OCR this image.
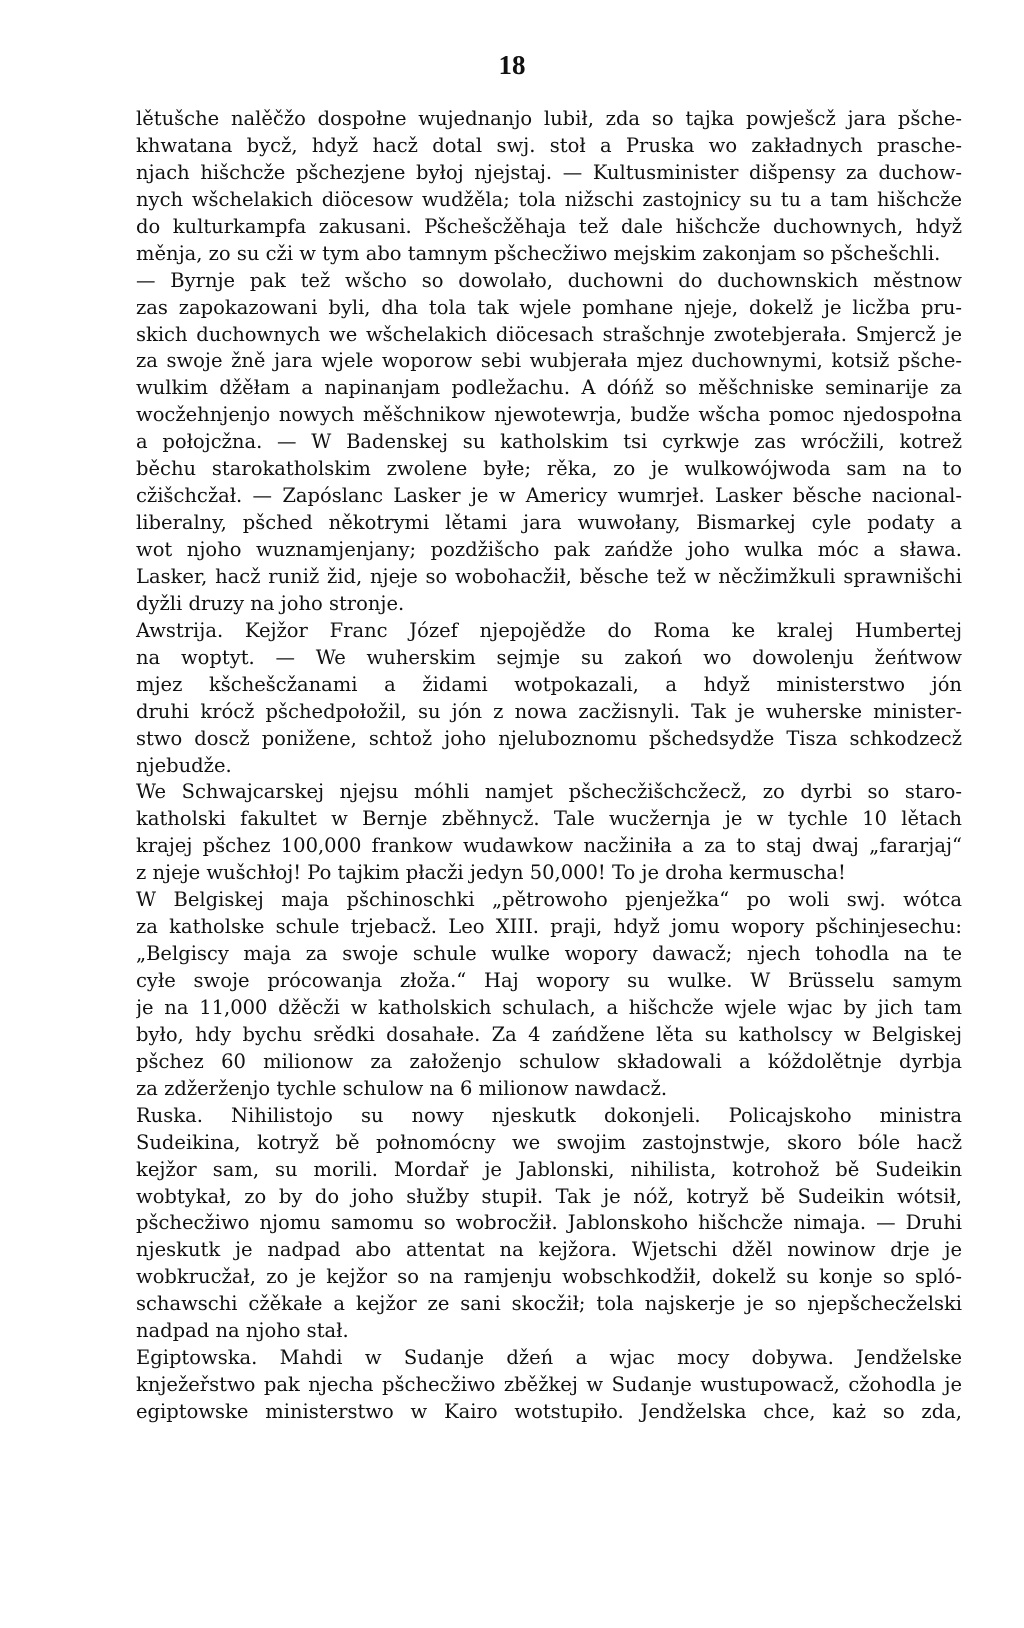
18
lětušche nalěčžo dospołne wujednanjo lubił, zda so tajka powješcž jara pšche-
khwatana bycž, hdyž hacž dotal swj. stoł a Pruska wo zakładnych prasche-
njach hišchcže pšchezjene byłoj njejstaj. — Kultusminister dišpensy za duchow-
nych wšchelakich diöcesow wudžěla; tola nižschi zastojnicy su tu a tam hišchcže
do kulturkampfa zakusani. Pšchešcžěhaja tež dale hišchcže duchownych, hdyž
měnja, zo su cži w tym abo tamnym pšchecžiwo mejskim zakonjam so pšchešchli.
— Byrnje pak tež wšcho so dowolało, duchowni do duchownskich městnow
zas zapokazowani byli, dha tola tak wjele pomhane njeje, dokelž je licžba pru-
skich duchownych we wšchelakich diöcesach strašchnje zwotebjerała. Smjercž je
za swoje žně jara wjele woporow sebi wubjerała mjez duchownymi, kotsiž pšche-
wulkim džěłam a napinanjam podležachu. A dóńž so měšchniske seminarije za
wocžehnjenjo nowych měšchnikow njewotewrja, budže wšcha pomoc njedospołna
a połojcžna. — W Badenskej su katholskim tsi cyrkwje zas wrócžili, kotrež
běchu starokatholskim zwolene byłe; rěka, zo je wulkowójwoda sam na to
cžišchcžał. — Zapóslanc Lasker je w Americy wumrjeł. Lasker běsche nacional-
liberalny, pšched někotrymi lětami jara wuwołany, Bismarkej cyle podaty a
wot njoho wuznamjenjany; pozdžišcho pak zańdže joho wulka móc a sława.
Lasker, hacž runiž žid, njeje so wobohacžił, běsche tež w něcžimžkuli sprawnišchi
dyžli druzy na joho stronje.
Awstrija. Kejžor Franc Józef njepojědže do Roma ke kralej Humbertej
na woptyt. — We wuherskim sejmje su zakoń wo dowolenju žeńtwow
mjez kšchešcžanami a židami wotpokazali, a hdyž ministerstwo jón
druhi krócž pšchedpołožil, su jón z nowa zacžisnyli. Tak je wuherske minister-
stwo doscž ponižene, schtož joho njeluboznomu pšchedsydže Tisza schkodzecž
njebudže.
We Schwajcarskej njejsu móhli namjet pšchecžišchcžecž, zo dyrbi so staro-
katholski fakultet w Bernje zběhnycž. Tale wucžernja je w tychle 10 lětach
krajej pšchez 100,000 frankow wudawkow nacžiniła a za to staj dwaj „fararjaj“
z njeje wušchłoj! Po tajkim płacži jedyn 50,000! To je droha kermuscha!
W Belgiskej maja pšchinoschki „pětrowoho pjenježka“ po woli swj. wótca
za katholske schule trjebacž. Leo XIII. praji, hdyž jomu wopory pšchinjesechu:
„Belgiscy maja za swoje schule wulke wopory dawacž; njech tohodla na te
cyłe swoje prócowanja złoža.“ Haj wopory su wulke. W Brüsselu samym
je na 11,000 džěcži w katholskich schulach, a hišchcže wjele wjac by jich tam
było, hdy bychu srědki dosahałe. Za 4 zańdžene lěta su katholscy w Belgiskej
pšchez 60 milionow za załoženjo schulow składowali a kóždolětnje dyrbja
za zdžerženjo tychle schulow na 6 milionow nawdacž.
Ruska. Nihilistojo su nowy njeskutk dokonjeli. Policajskoho ministra
Sudeikina, kotryž bě połnomócny we swojim zastojnstwje, skoro bóle hacž
kejžor sam, su morili. Mordař je Jablonski, nihilista, kotrohož bě Sudeikin
wobtykał, zo by do joho słužby stupił. Tak je nóž, kotryž bě Sudeikin wótsił,
pšchecžiwo njomu samomu so wobrocžił. Jablonskoho hišchcže nimaja. — Druhi
njeskutk je nadpad abo attentat na kejžora. Wjetschi džěl nowinow drje je
wobkrucžał, zo je kejžor so na ramjenju wobschkodžił, dokelž su konje so spló-
schawschi cžěkałe a kejžor ze sani skocžił; tola najskerje je so njepšchecželski
nadpad na njoho stał.
Egiptowska. Mahdi w Sudanje džeń a wjac mocy dobywa. Jendželske
knježeřstwo pak njecha pšchecžiwo zběžkej w Sudanje wustupowacž, cžohodla je
egiptowske ministerstwo w Kairo wotstupiło. Jendželska chce, każ so zda,
